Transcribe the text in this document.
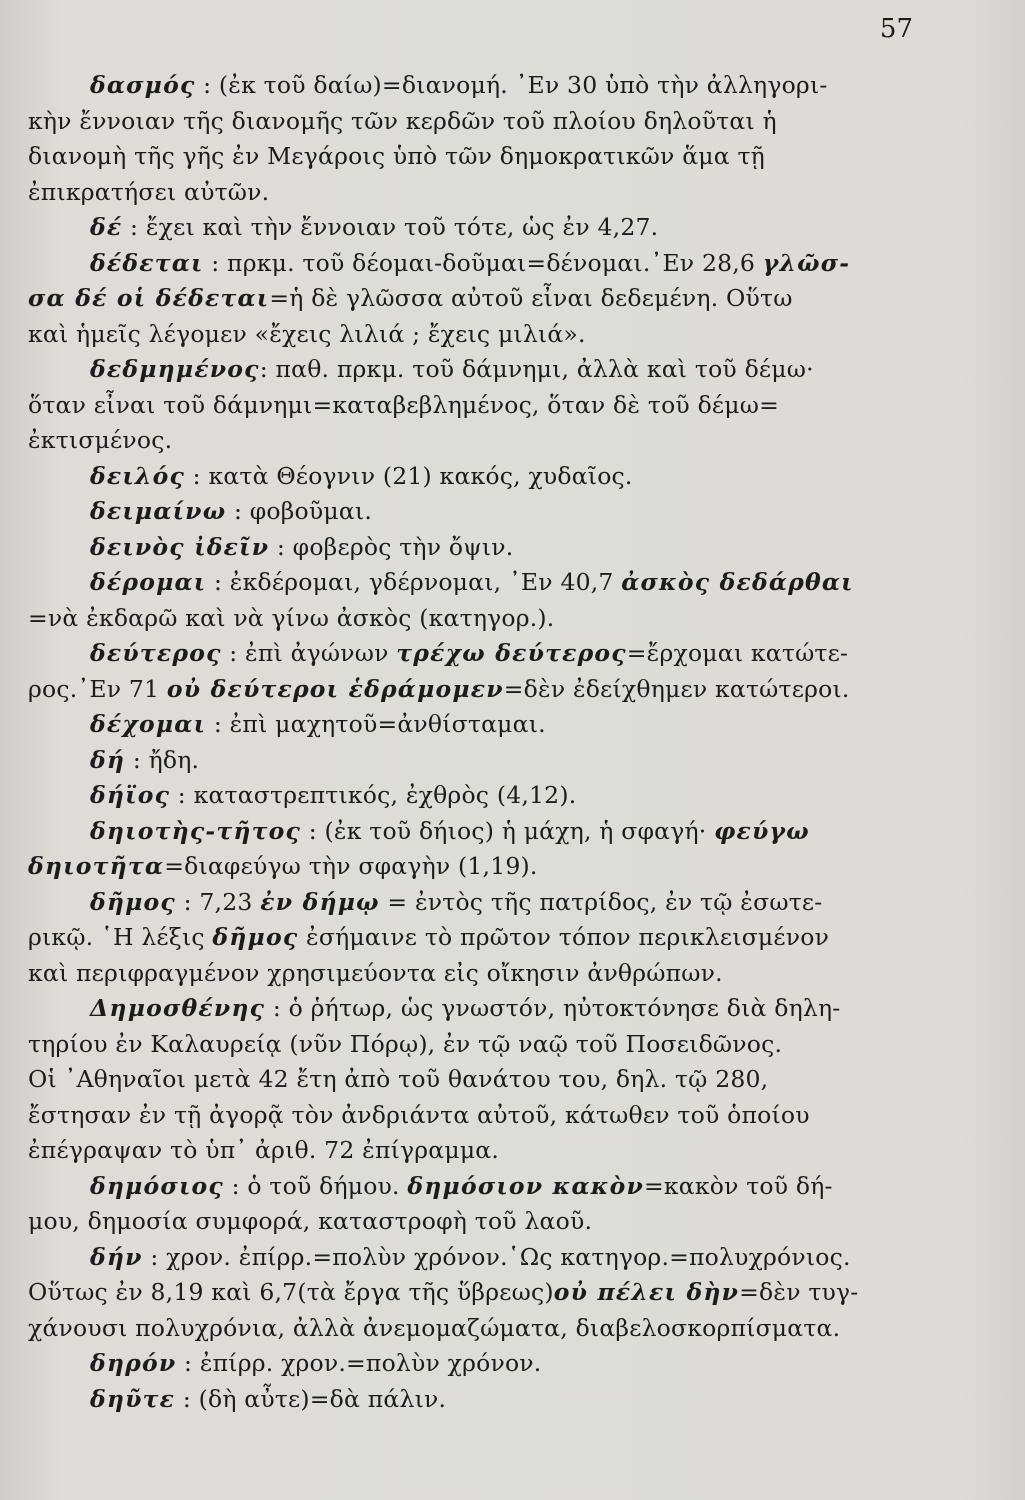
57
δασμός : (ἐκ τοῦ δαίω)=διανομή. ᾿Εν 30 ὑπὸ τὴν ἀλληγορι-
κὴν ἔννοιαν τῆς διανομῆς τῶν κερδῶν τοῦ πλοίου δηλοῦται ἡ
διανομὴ τῆς γῆς ἐν Μεγάροις ὑπὸ τῶν δημοκρατικῶν ἅμα τῇ
ἐπικρατήσει αὐτῶν.
δέ : ἔχει καὶ τὴν ἔννοιαν τοῦ τότε, ὡς ἐν 4,27.
δέδεται : πρκμ. τοῦ δέομαι-δοῦμαι=δένομαι.᾿Εν 28,6 γλῶσ-
σα δέ οἱ δέδεται=ἡ δὲ γλῶσσα αὐτοῦ εἶναι δεδεμένη. Οὕτω
καὶ ἡμεῖς λέγομεν «ἔχεις λιλιά ; ἔχεις μιλιά».
δεδμημένος: παθ. πρκμ. τοῦ δάμνημι, ἀλλὰ καὶ τοῦ δέμω·
ὅταν εἶναι τοῦ δάμνημι=καταβεβλημένος, ὅταν δὲ τοῦ δέμω=
ἐκτισμένος.
δειλός : κατὰ Θέογνιν (21) κακός, χυδαῖος.
δειμαίνω : φοβοῦμαι.
δεινὸς ἰδεῖν : φοβερὸς τὴν ὄψιν.
δέρομαι : ἐκδέρομαι, γδέρνομαι, ᾿Εν 40,7 ἀσκὸς δεδάρθαι
=νὰ ἐκδαρῶ καὶ νὰ γίνω ἀσκὸς (κατηγορ.).
δεύτερος : ἐπὶ ἀγώνων τρέχω δεύτερος=ἔρχομαι κατώτε-
ρος.᾿Εν 71 οὐ δεύτεροι ἑδράμομεν=δὲν ἐδείχθημεν κατώτεροι.
δέχομαι : ἐπὶ μαχητοῦ=ἀνθίσταμαι.
δή : ἤδη.
δήϊος : καταστρεπτικός, ἐχθρὸς (4,12).
δηιοτὴς-τῆτος : (ἐκ τοῦ δήιος) ἡ μάχη, ἡ σφαγή· φεύγω
δηιοτῆτα=διαφεύγω τὴν σφαγὴν (1,19).
δῆμος : 7,23 ἐν δήμῳ = ἐντὸς τῆς πατρίδος, ἐν τῷ ἐσωτε-
ρικῷ. ῾Η λέξις δῆμος ἐσήμαινε τὸ πρῶτον τόπον περικλεισμένον
καὶ περιφραγμένον χρησιμεύοντα εἰς οἴκησιν ἀνθρώπων.
Δημοσθένης : ὁ ῥήτωρ, ὡς γνωστόν, ηὐτοκτόνησε διὰ δηλη-
τηρίου ἐν Καλαυρείᾳ (νῦν Πόρῳ), ἐν τῷ ναῷ τοῦ Ποσειδῶνος.
Οἱ ᾿Αθηναῖοι μετὰ 42 ἔτη ἀπὸ τοῦ θανάτου του, δηλ. τῷ 280,
ἔστησαν ἐν τῇ ἀγορᾷ τὸν ἀνδριάντα αὐτοῦ, κάτωθεν τοῦ ὁποίου
ἐπέγραψαν τὸ ὑπ᾿ ἀριθ. 72 ἐπίγραμμα.
δημόσιος : ὁ τοῦ δήμου. δημόσιον κακὸν=κακὸν τοῦ δή-
μου, δημοσία συμφορά, καταστροφὴ τοῦ λαοῦ.
δήν : χρον. ἐπίρρ.=πολὺν χρόνον.῾Ως κατηγορ.=πολυχρόνιος.
Οὕτως ἐν 8,19 καὶ 6,7(τὰ ἔργα τῆς ὕβρεως)οὐ πέλει δὴν=δὲν τυγ-
χάνουσι πολυχρόνια, ἀλλὰ ἀνεμομαζώματα, διαβελοσκορπίσματα.
δηρόν : ἐπίρρ. χρον.=πολὺν χρόνον.
δηῦτε : (δὴ αὖτε)=δὰ πάλιν.
